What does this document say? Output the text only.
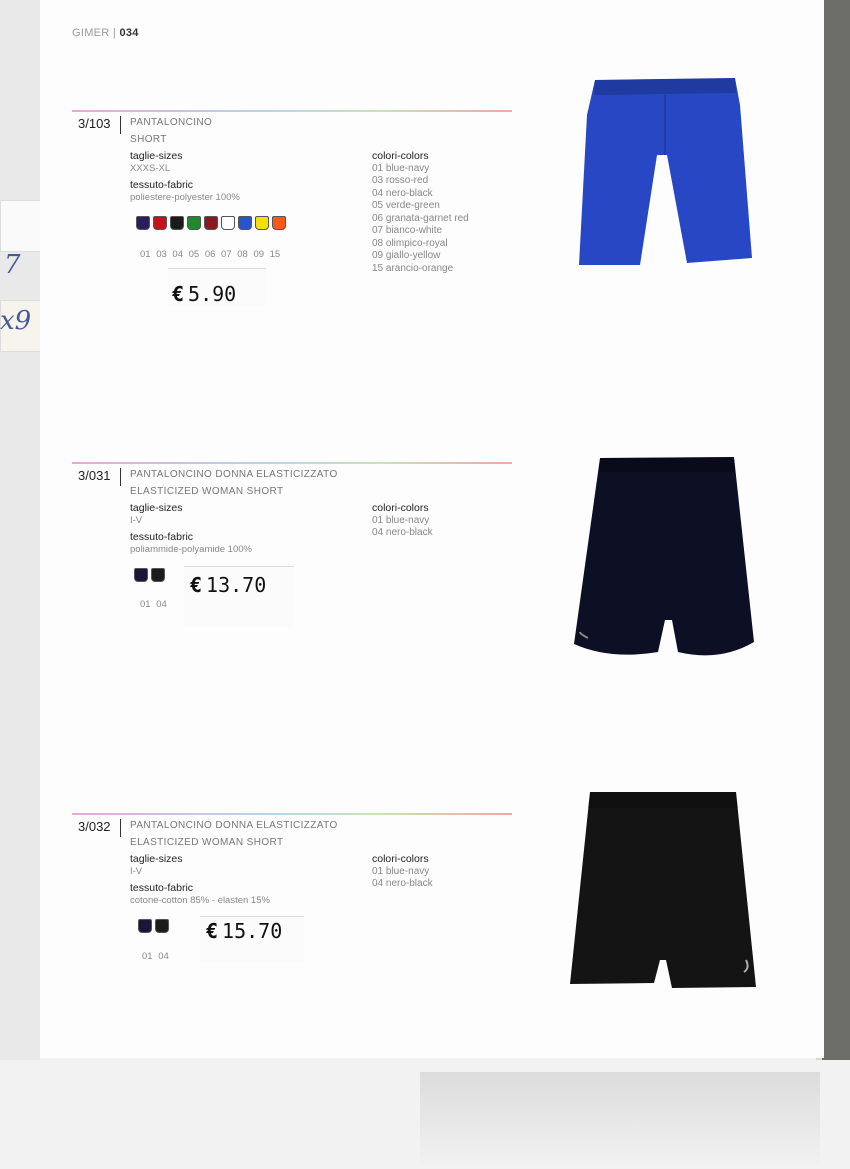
7
x9
GIMER | 034
3/103 PANTALONCINO
SHORT
taglie-sizes
XXXS-XL
tessuto-fabric
poliestere-polyester 100%
colori-colors
01 blue-navy
03 rosso-red
04 nero-black
05 verde-green
06 granata-garnet red
07 bianco-white
08 olimpico-royal
09 giallo-yellow
15 arancio-orange
01 03 04 05 06 07 08 09 15
€ 5.90
3/031 PANTALONCINO DONNA ELASTICIZZATO
ELASTICIZED WOMAN SHORT
taglie-sizes
I-V
tessuto-fabric
poliammide-polyamide 100%
colori-colors
01 blue-navy
04 nero-black
01 04
€ 13.70
3/032 PANTALONCINO DONNA ELASTICIZZATO
ELASTICIZED WOMAN SHORT
taglie-sizes
I-V
tessuto-fabric
cotone-cotton 85% - elasten 15%
colori-colors
01 blue-navy
04 nero-black
01 04
€ 15.70
